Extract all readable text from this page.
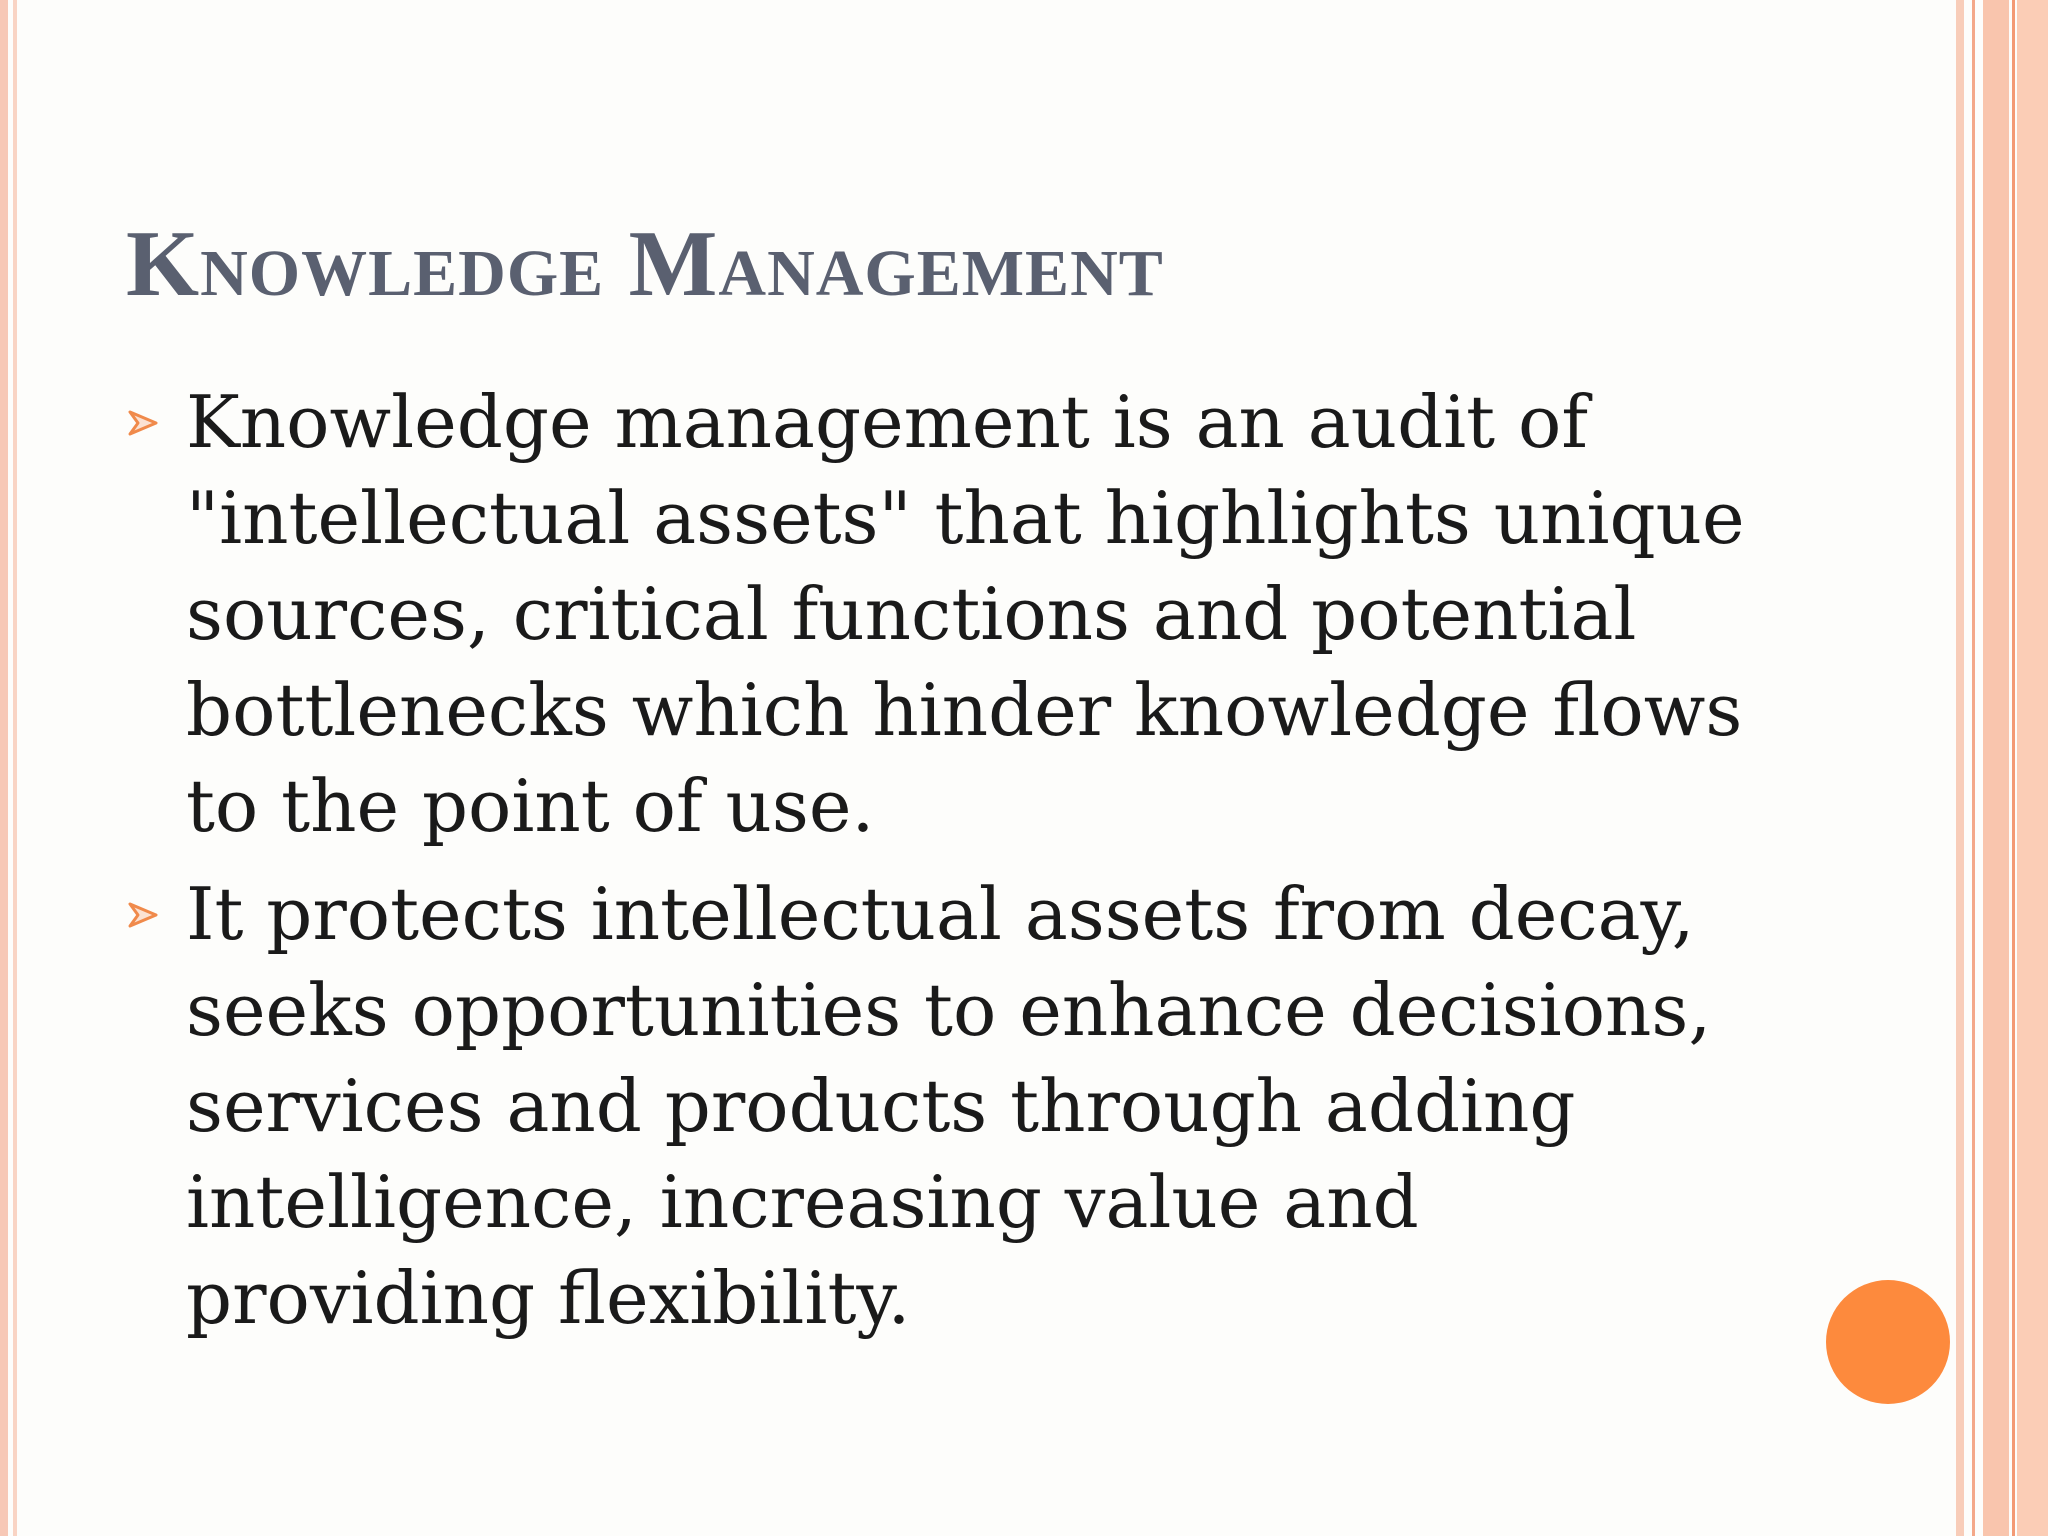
Knowledge Management
Knowledge management is an audit of "intellectual assets" that highlights unique sources, critical functions and potential bottlenecks which hinder knowledge flows to the point of use.
It protects intellectual assets from decay, seeks opportunities to enhance decisions, services and products through adding intelligence, increasing value and providing flexibility.
